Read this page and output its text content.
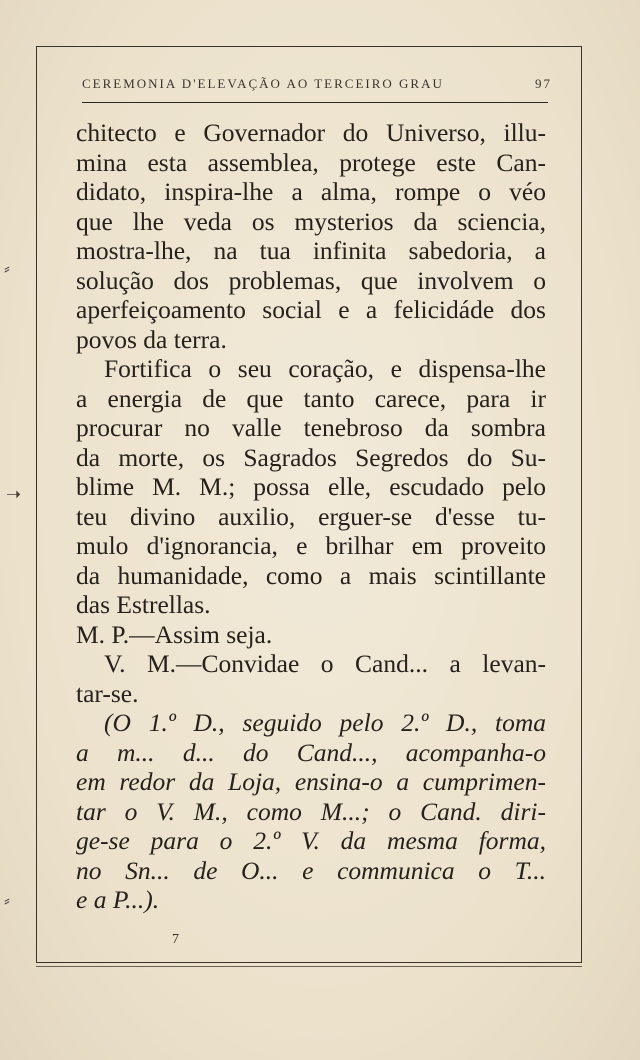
CEREMONIA D'ELEVAÇÃO AO TERCEIRO GRAU	97

chitecto e Governador do Universo, illu-
mina esta assemblea, protege este Can-
didato, inspira-lhe a alma, rompe o véo
que lhe veda os mysterios da sciencia,
mostra-lhe, na tua infinita sabedoria, a
solução dos problemas, que involvem o
aperfeiçoamento social e a felicidáde dos
povos da terra.

Fortifica o seu coração, e dispensa-lhe
a energia de que tanto carece, para ir
procurar no valle tenebroso da sombra
da morte, os Sagrados Segredos do Su-
blime M. M.; possa elle, escudado pelo
teu divino auxilio, erguer-se d'esse tu-
mulo d'ignorancia, e brilhar em proveito
da humanidade, como a mais scintillante
das Estrellas.

M. P.—Assim seja.

V. M.—Convidae o Cand... a levan-
tar-se.

(O 1.º D., seguido pelo 2.º D., toma
a m... d... do Cand..., acompanha-o
em redor da Loja, ensina-o a cumprimen-
tar o V. M., como M...; o Cand. diri-
ge-se para o 2.º V. da mesma forma,
no Sn... de O... e communica o T...
e a P...).

7
⸗
➝
⸗
